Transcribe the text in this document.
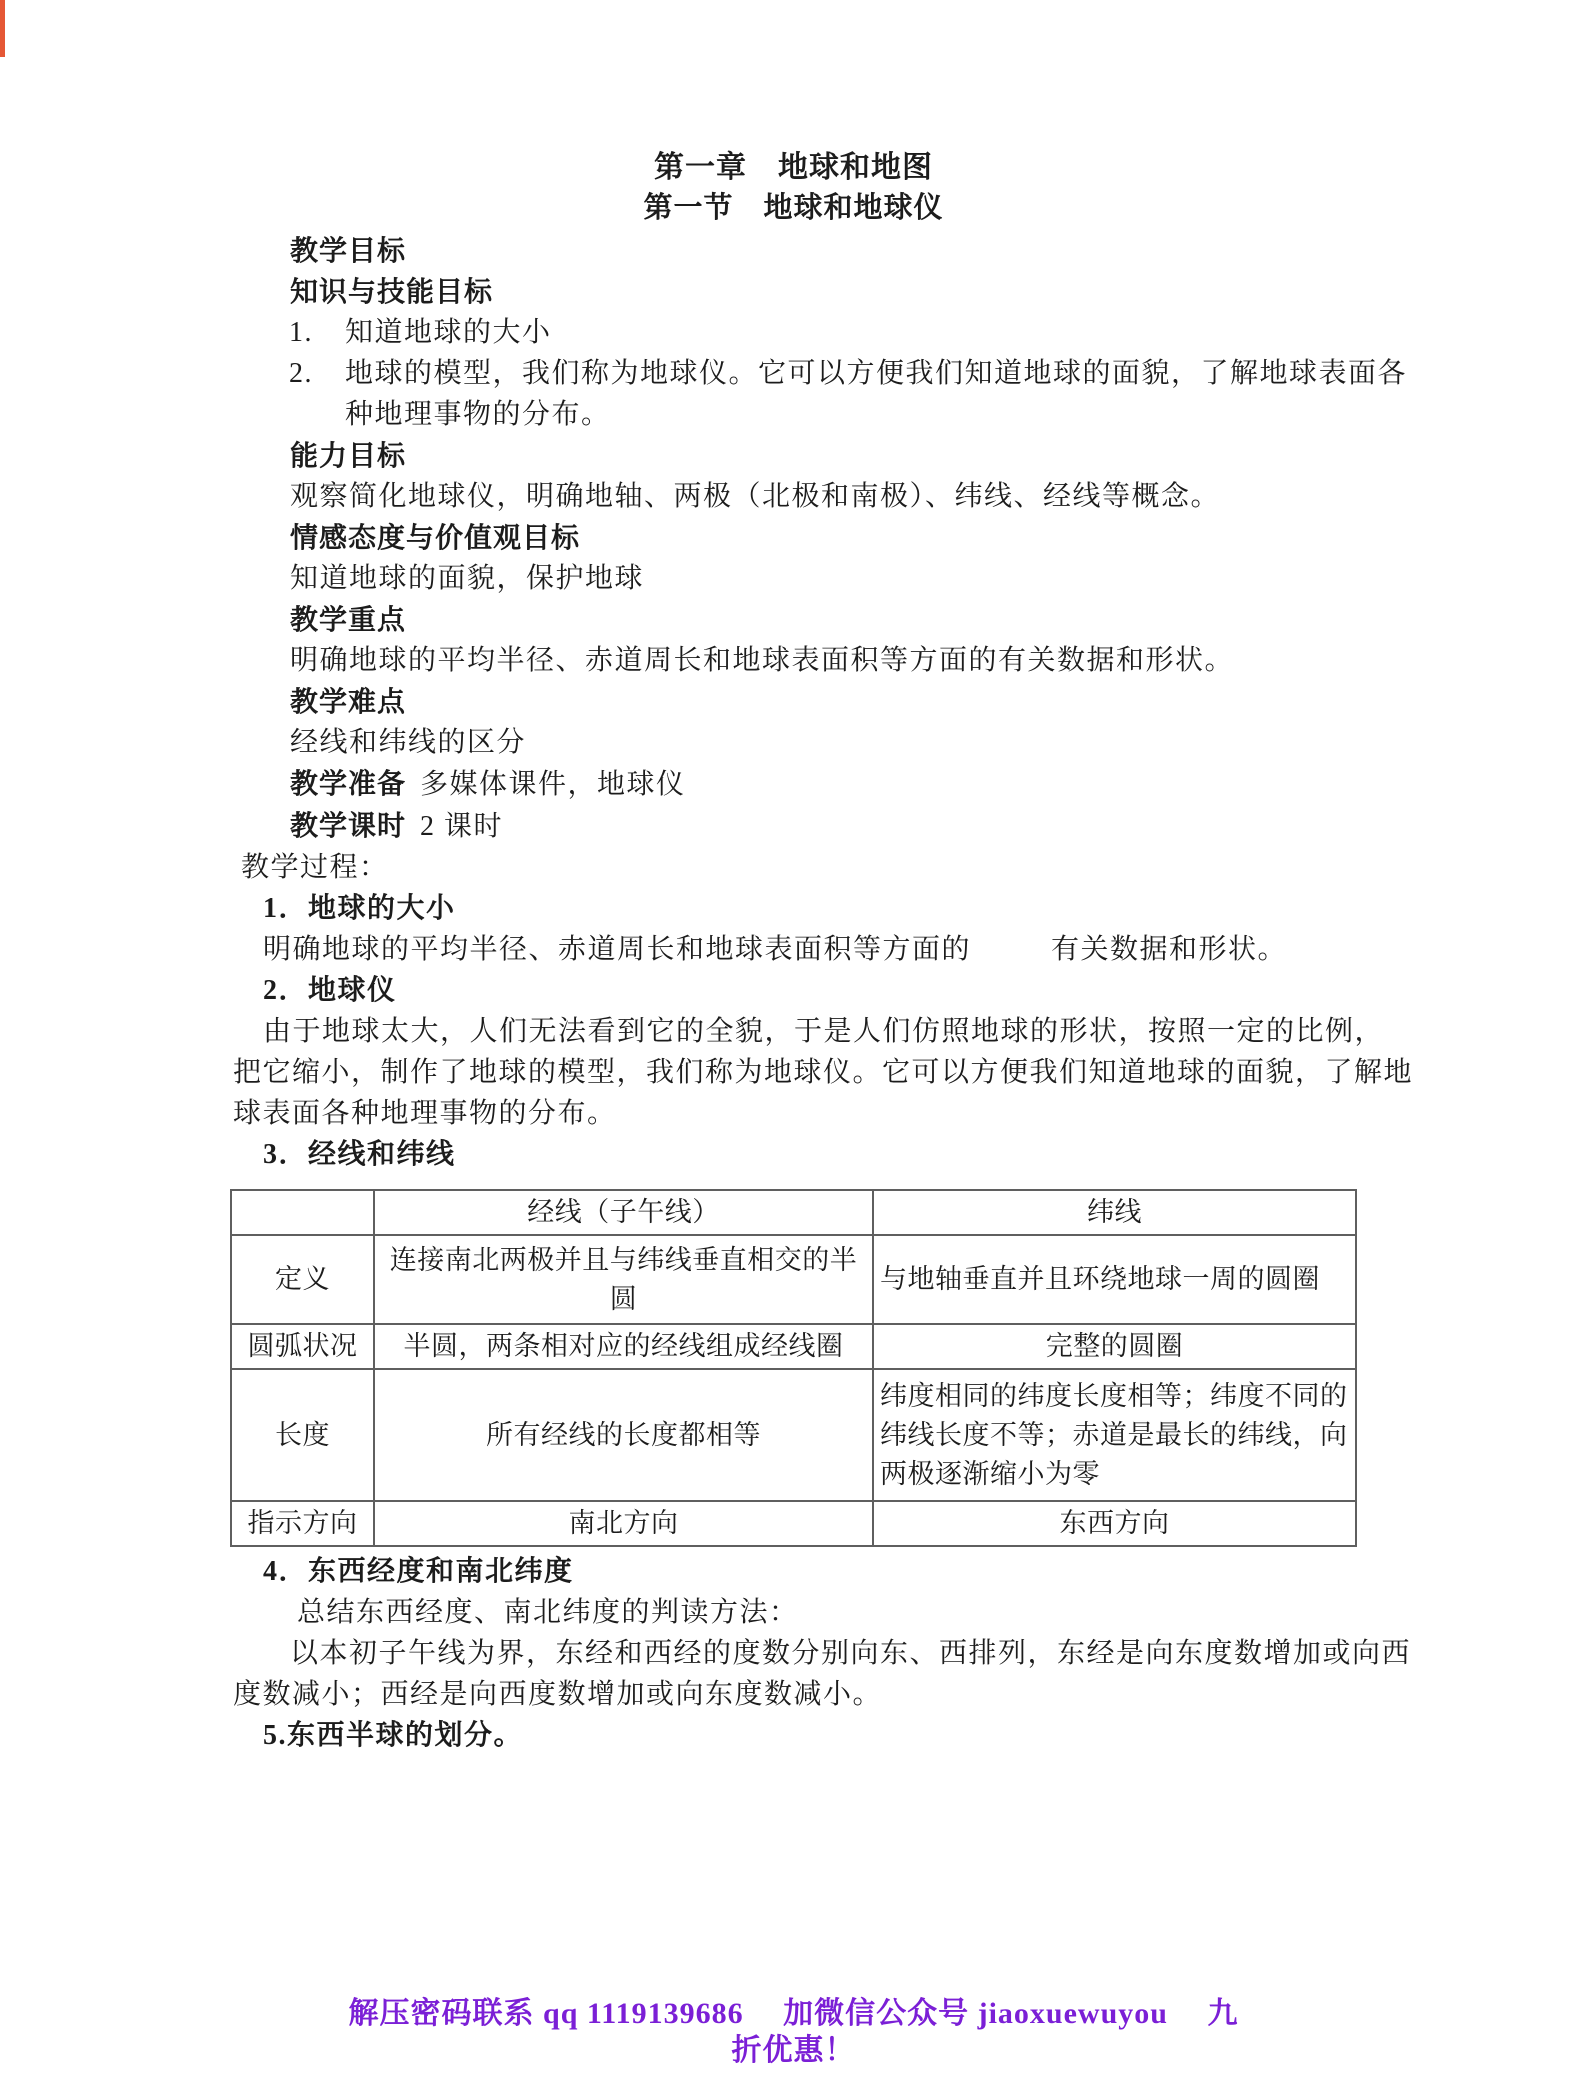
第一章　地球和地图
第一节　地球和地球仪

教学目标

知识与技能目标

1.	知道地球的大小
2.	地球的模型，我们称为地球仪。它可以方便我们知道地球的面貌，了解地球表面各
种地理事物的分布。

能力目标

观察简化地球仪，明确地轴、两极（北极和南极）、纬线、经线等概念。

情感态度与价值观目标

知道地球的面貌，保护地球

教学重点

明确地球的平均半径、赤道周长和地球表面积等方面的有关数据和形状。

教学难点

经线和纬线的区分

教学准备 多媒体课件，地球仪

教学课时 2 课时

教学过程：

1．地球的大小

明确地球的平均半径、赤道周长和地球表面积等方面的	有关数据和形状。

2．地球仪

由于地球太大，人们无法看到它的全貌，于是人们仿照地球的形状，按照一定的比例，
把它缩小，制作了地球的模型，我们称为地球仪。它可以方便我们知道地球的面貌，了解地
球表面各种地理事物的分布。

3．经线和纬线

	经线（子午线）	纬线
定义	连接南北两极并且与纬线垂直相交的半圆	与地轴垂直并且环绕地球一周的圆圈
圆弧状况	半圆，两条相对应的经线组成经线圈	完整的圆圈
长度	所有经线的长度都相等	纬度相同的纬度长度相等；纬度不同的纬线长度不等；赤道是最长的纬线，向两极逐渐缩小为零
指示方向	南北方向	东西方向

4．东西经度和南北纬度

总结东西经度、南北纬度的判读方法：

以本初子午线为界，东经和西经的度数分别向东、西排列，东经是向东度数增加或向西
度数减小；西经是向西度数增加或向东度数减小。

5.东西半球的划分。

解压密码联系 qq 1119139686　 加微信公众号 jiaoxuewuyou　 九
折优惠！
